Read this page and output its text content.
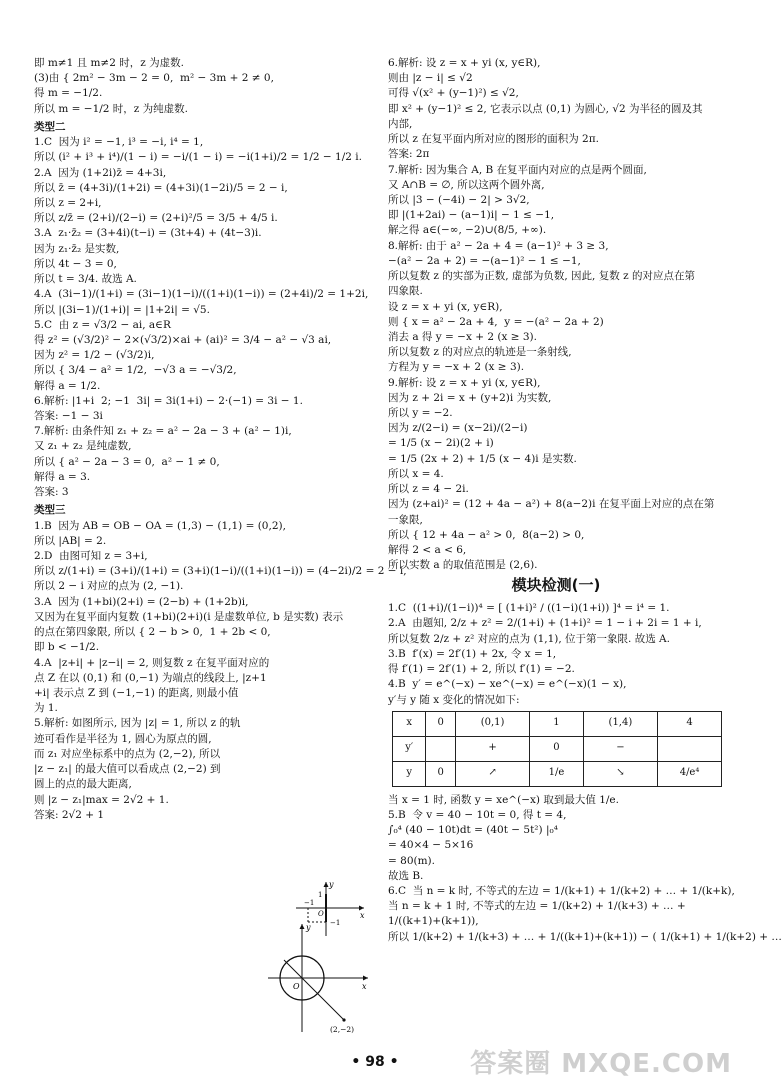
即 m≠1 且 m≠2 时，z 为虚数.
(3)由 { 2m² − 3m − 2 = 0,  m² − 3m + 2 ≠ 0,
得 m = −1/2.
所以 m = −1/2 时，z 为纯虚数.
类型二
1.C  因为 i² = −1, i³ = −i, i⁴ = 1,
所以 (i² + i³ + i⁴)/(1 − i) = −i/(1 − i) = −i(1+i)/2 = 1/2 − 1/2 i.
2.A  因为 (1+2i)z̄ = 4+3i,
所以 z̄ = (4+3i)/(1+2i) = (4+3i)(1−2i)/5 = 2 − i,
所以 z = 2+i,
所以 z/z̄ = (2+i)/(2−i) = (2+i)²/5 = 3/5 + 4/5 i.
3.A  z₁·z̄₂ = (3+4i)(t−i) = (3t+4) + (4t−3)i.
因为 z₁·z̄₂ 是实数,
所以 4t − 3 = 0,
所以 t = 3/4. 故选 A.
4.A  (3i−1)/(1+i) = (3i−1)(1−i)/((1+i)(1−i)) = (2+4i)/2 = 1+2i,
所以 |(3i−1)/(1+i)| = |1+2i| = √5.
5.C  由 z = √3/2 − ai, a∈R
得 z² = (√3/2)² − 2×(√3/2)×ai + (ai)² = 3/4 − a² − √3 ai,
因为 z² = 1/2 − (√3/2)i,
所以 { 3/4 − a² = 1/2,  −√3 a = −√3/2,
解得 a = 1/2.
6.解析: |1+i  2; −1  3i| = 3i(1+i) − 2·(−1) = 3i − 1.
答案: −1 − 3i
7.解析: 由条件知 z₁ + z₂ = a² − 2a − 3 + (a² − 1)i,
又 z₁ + z₂ 是纯虚数,
所以 { a² − 2a − 3 = 0,  a² − 1 ≠ 0,
解得 a = 3.
答案: 3
类型三
1.B  因为 AB = OB − OA = (1,3) − (1,1) = (0,2),
所以 |AB| = 2.
2.D  由图可知 z = 3+i,
所以 z/(1+i) = (3+i)/(1+i) = (3+i)(1−i)/((1+i)(1−i)) = (4−2i)/2 = 2 − i,
所以 2 − i 对应的点为 (2, −1).
3.A  因为 (1+bi)(2+i) = (2−b) + (1+2b)i,
又因为在复平面内复数 (1+bi)(2+i)(i 是虚数单位, b 是实数) 表示
的点在第四象限, 所以 { 2 − b > 0,  1 + 2b < 0,
即 b < −1/2.
4.A  |z+i| + |z−i| = 2, 则复数 z 在复平面对应的
点 Z 在以 (0,1) 和 (0,−1) 为端点的线段上, |z+1
+i| 表示点 Z 到 (−1,−1) 的距离, 则最小值
为 1.
5.解析: 如图所示, 因为 |z| = 1, 所以 z 的轨
迹可看作是半径为 1, 圆心为原点的圆,
而 z₁ 对应坐标系中的点为 (2,−2), 所以
|z − z₁| 的最大值可以看成点 (2,−2) 到
圆上的点的最大距离,
则 |z − z₁|max = 2√2 + 1.
答案: 2√2 + 1
6.解析: 设 z = x + yi (x, y∈R),
则由 |z − i| ≤ √2
可得 √(x² + (y−1)²) ≤ √2,
即 x² + (y−1)² ≤ 2, 它表示以点 (0,1) 为圆心, √2 为半径的圆及其
内部,
所以 z 在复平面内所对应的图形的面积为 2π.
答案: 2π
7.解析: 因为集合 A, B 在复平面内对应的点是两个圆面,
又 A∩B = ∅, 所以这两个圆外离,
所以 |3 − (−4i) − 2| > 3√2,
即 |(1+2ai) − (a−1)i| − 1 ≤ −1,
解之得 a∈(−∞, −2)∪(8/5, +∞).
8.解析: 由于 a² − 2a + 4 = (a−1)² + 3 ≥ 3,
−(a² − 2a + 2) = −(a−1)² − 1 ≤ −1,
所以复数 z 的实部为正数, 虚部为负数, 因此, 复数 z 的对应点在第
四象限.
设 z = x + yi (x, y∈R),
则 { x = a² − 2a + 4,  y = −(a² − 2a + 2)
消去 a 得 y = −x + 2 (x ≥ 3).
所以复数 z 的对应点的轨迹是一条射线,
方程为 y = −x + 2 (x ≥ 3).
9.解析: 设 z = x + yi (x, y∈R),
因为 z + 2i = x + (y+2)i 为实数,
所以 y = −2.
因为 z/(2−i) = (x−2i)/(2−i)
= 1/5 (x − 2i)(2 + i)
= 1/5 (2x + 2) + 1/5 (x − 4)i 是实数.
所以 x = 4.
所以 z = 4 − 2i.
因为 (z+ai)² = (12 + 4a − a²) + 8(a−2)i 在复平面上对应的点在第
一象限,
所以 { 12 + 4a − a² > 0,  8(a−2) > 0,
解得 2 < a < 6,
所以实数 a 的取值范围是 (2,6).
模块检测(一)
1.C  ((1+i)/(1−i))⁴ = [ (1+i)² / ((1−i)(1+i)) ]⁴ = i⁴ = 1.
2.A  由题知, 2/z + z² = 2/(1+i) + (1+i)² = 1 − i + 2i = 1 + i,
所以复数 2/z + z² 对应的点为 (1,1), 位于第一象限. 故选 A.
3.B  f′(x) = 2f′(1) + 2x, 令 x = 1,
得 f′(1) = 2f′(1) + 2, 所以 f′(1) = −2.
4.B  y′ = e^(−x) − xe^(−x) = e^(−x)(1 − x),
y′与 y 随 x 变化的情况如下:
x	0	(0,1)	1	(1,4)	4
y′		+	0	−	
y	0	↗	1/e	↘	4/e⁴
当 x = 1 时, 函数 y = xe^(−x) 取到最大值 1/e.
5.B  令 v = 40 − 10t = 0, 得 t = 4,
∫₀⁴ (40 − 10t)dt = (40t − 5t²) |₀⁴
= 40×4 − 5×16
= 80(m).
故选 B.
6.C  当 n = k 时, 不等式的左边 = 1/(k+1) + 1/(k+2) + … + 1/(k+k),
当 n = k + 1 时, 不等式的左边 = 1/(k+2) + 1/(k+3) + … +
1/((k+1)+(k+1)),
所以 1/(k+2) + 1/(k+3) + … + 1/((k+1)+(k+1)) − ( 1/(k+1) + 1/(k+2) + …
y
x
−1
1
O
−1
y
x
O
(2,−2)
• 98 •	答案圈 MXQE.COM
